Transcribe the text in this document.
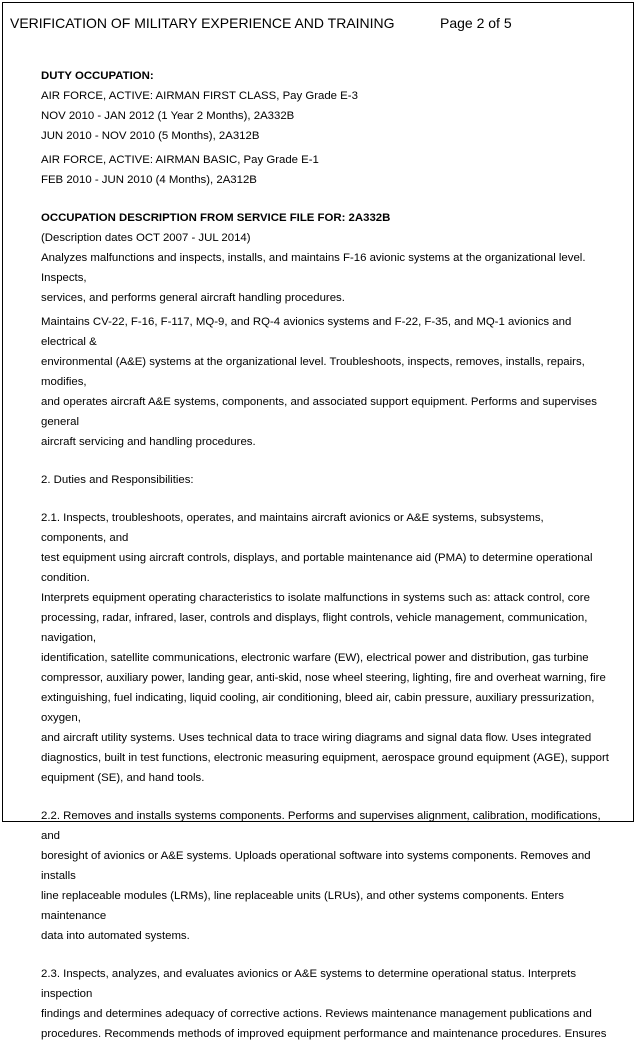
VERIFICATION OF MILITARY EXPERIENCE AND TRAINING	Page 2 of 5

DUTY OCCUPATION:

AIR FORCE, ACTIVE: AIRMAN FIRST CLASS, Pay Grade E-3

NOV 2010 - JAN 2012 (1 Year 2 Months), 2A332B

JUN 2010 - NOV 2010 (5 Months), 2A312B

AIR FORCE, ACTIVE: AIRMAN BASIC, Pay Grade E-1

FEB 2010 - JUN 2010 (4 Months), 2A312B

OCCUPATION DESCRIPTION FROM SERVICE FILE FOR: 2A332B

(Description dates OCT 2007 - JUL 2014)

Analyzes malfunctions and inspects, installs, and maintains F-16 avionic systems at the organizational level. Inspects,

services, and performs general aircraft handling procedures.

Maintains CV-22, F-16, F-117, MQ-9, and RQ-4 avionics systems and F-22, F-35, and MQ-1 avionics and electrical &

environmental (A&E) systems at the organizational level. Troubleshoots, inspects, removes, installs, repairs, modifies,

and operates aircraft A&E systems, components, and associated support equipment. Performs and supervises general

aircraft servicing and handling procedures.

2. Duties and Responsibilities:

2.1. Inspects, troubleshoots, operates, and maintains aircraft avionics or A&E systems, subsystems, components, and

test equipment using aircraft controls, displays, and portable maintenance aid (PMA) to determine operational condition.

Interprets equipment operating characteristics to isolate malfunctions in systems such as: attack control, core

processing, radar, infrared, laser, controls and displays, flight controls, vehicle management, communication, navigation,

identification, satellite communications, electronic warfare (EW), electrical power and distribution, gas turbine

compressor, auxiliary power, landing gear, anti-skid, nose wheel steering, lighting, fire and overheat warning, fire

extinguishing, fuel indicating, liquid cooling, air conditioning, bleed air, cabin pressure, auxiliary pressurization, oxygen,

and aircraft utility systems. Uses technical data to trace wiring diagrams and signal data flow. Uses integrated

diagnostics, built in test functions, electronic measuring equipment, aerospace ground equipment (AGE), support

equipment (SE), and hand tools.

2.2. Removes and installs systems components. Performs and supervises alignment, calibration, modifications, and

boresight of avionics or A&E systems. Uploads operational software into systems components. Removes and installs

line replaceable modules (LRMs), line replaceable units (LRUs), and other systems components. Enters maintenance

data into automated systems.

2.3. Inspects, analyzes, and evaluates avionics or A&E systems to determine operational status. Interprets inspection

findings and determines adequacy of corrective actions. Reviews maintenance management publications and

procedures. Recommends methods of improved equipment performance and maintenance procedures. Ensures
